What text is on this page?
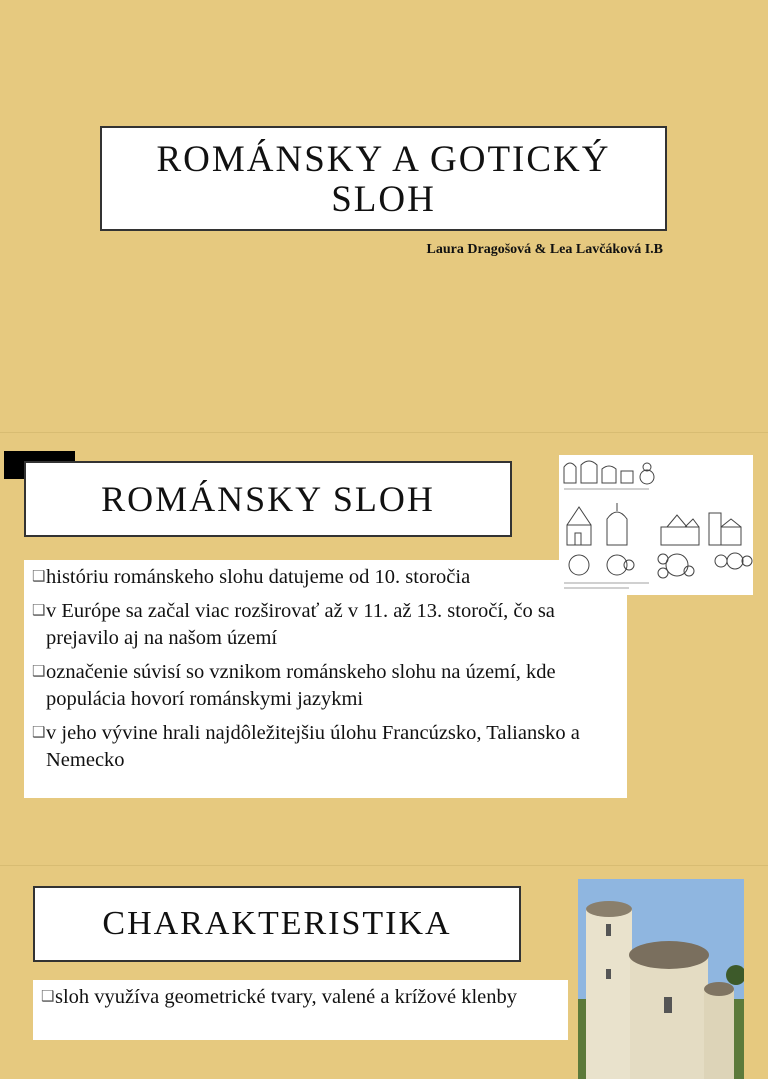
ROMÁNSKY A GOTICKÝ SLOH
Laura Dragošová & Lea Lavčáková I.B
ROMÁNSKY SLOH
❑ históriu románskeho slohu datujeme od 10. storočia
❑ v Európe sa začal viac rozširovať až v 11. až 13. storočí, čo sa prejavilo aj na našom území
❑ označenie súvisí so vznikom románskeho slohu na území, kde populácia hovorí románskymi jazykmi
❑ v jeho vývine hrali najdôležitejšiu úlohu Francúzsko, Taliansko a Nemecko
CHARAKTERISTIKA
❑ sloh využíva geometrické tvary, valené a krížové klenby
